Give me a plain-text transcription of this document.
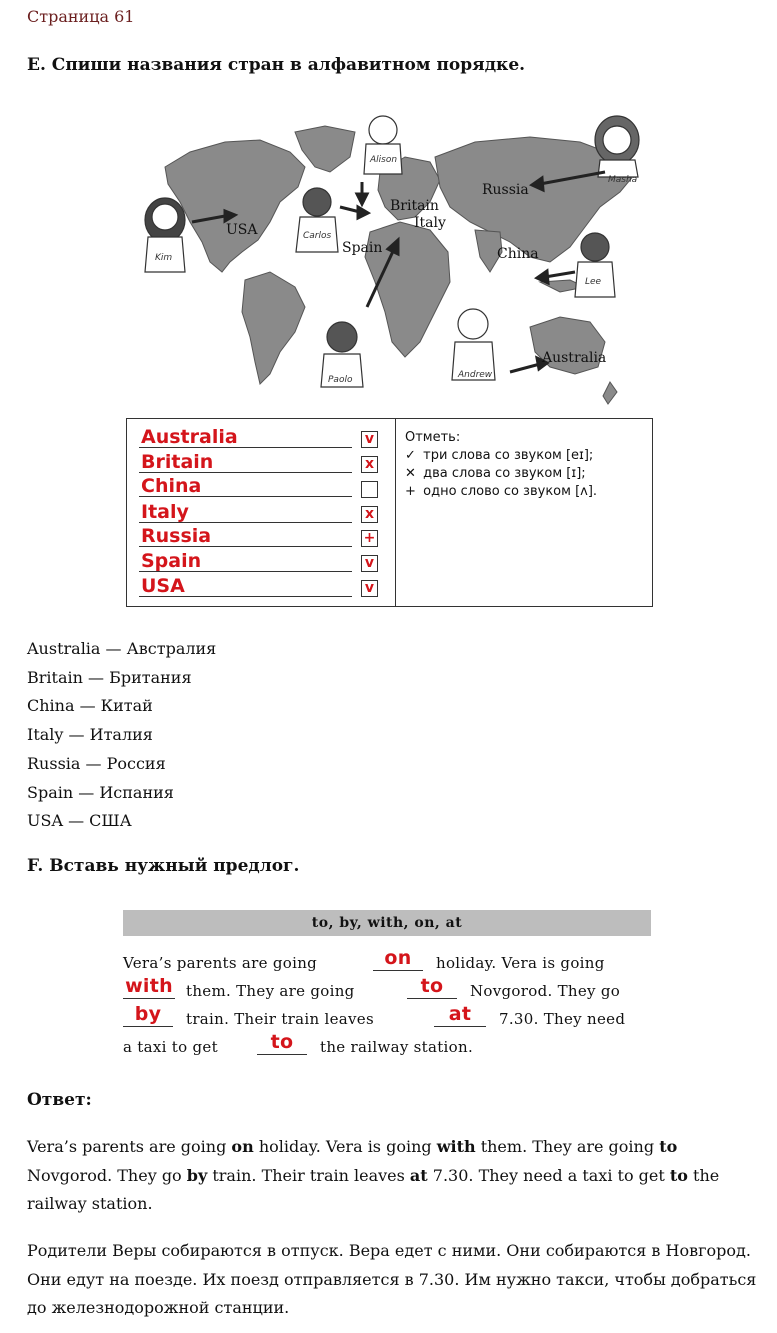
Страница 61
E. Спиши названия стран в алфавитном порядке.
USA
Britain
Italy
Spain
Russia
China
Australia
Kim
Carlos
Alison
Masha
Lee
Paolo	Andrew
Australia	v
Britain	x
China
Italy	x
Russia	+
Spain	v
USA	v
Отметь:
✓ три слова со звуком [eɪ];
✕ два слова со звуком [ɪ];
+ одно слово со звуком [ʌ].
Australia — Австралия
Britain — Британия
China — Китай
Italy — Италия
Russia — Россия
Spain — Испания
USA — США
F. Вставь нужный предлог.
to, by, with, on, at
Vera’s parents are going	on	holiday. Vera is going
with them. They are going	to	Novgorod. They go
by	train. Their train leaves	at	7.30. They need
a taxi to get	to	the railway station.
Ответ:
Vera’s parents are going on holiday. Vera is going with them. They are going to
Novgorod. They go by train. Their train leaves at 7.30. They need a taxi to get to the
railway station.
Родители Веры собираются в отпуск. Вера едет с ними. Они собираются в Новгород.
Они едут на поезде. Их поезд отправляется в 7.30. Им нужно такси, чтобы добраться
до железнодорожной станции.
